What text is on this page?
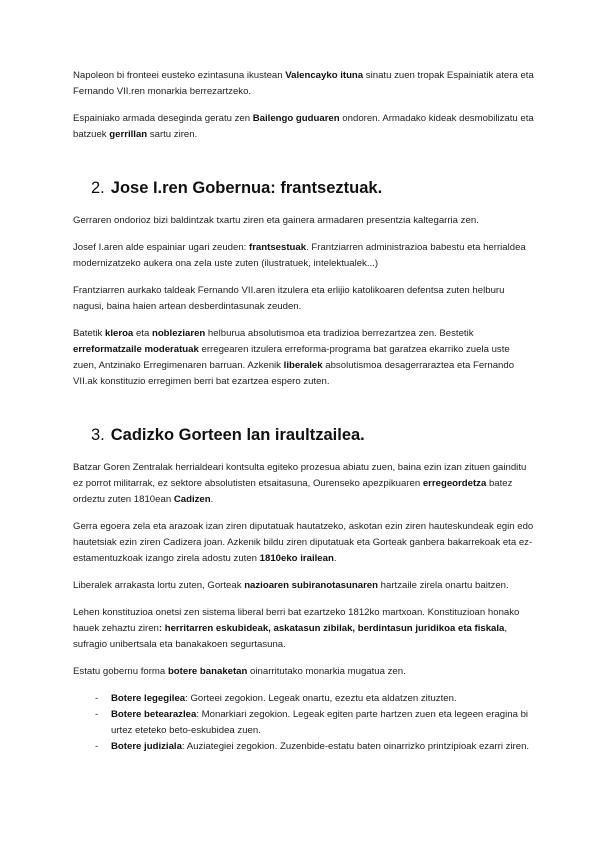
Napoleon bi fronteei eusteko ezintasuna ikustean Valencayko ituna sinatu zuen tropak Espainiatik atera eta Fernando VII.ren monarkia berrezartzeko.

Espainiako armada deseginda geratu zen Bailengo guduaren ondoren. Armadako kideak desmobilizatu eta batzuek gerrillan sartu ziren.

2. Jose I.ren Gobernua: frantseztuak.

Gerraren ondorioz bizi baldintzak txartu ziren eta gainera armadaren presentzia kaltegarria zen.

Josef I.aren alde espainiar ugari zeuden: frantsestuak. Frantziarren administrazioa babestu eta herrialdea modernizatzeko aukera ona zela uste zuten (ilustratuek, intelektualek...)

Frantziarren aurkako taldeak Fernando VII.aren itzulera eta erlijio katolikoaren defentsa zuten helburu nagusi, baina haien artean desberdintasunak zeuden.

Batetik kleroa eta nobleziaren helburua absolutismoa eta tradizioa berrezartzea zen. Bestetik erreformatzaile moderatuak erregearen itzulera erreforma-programa bat garatzea ekarriko zuela uste zuen, Antzinako Erregimenaren barruan. Azkenik liberalek absolutismoa desagerraraztea eta Fernando VII.ak konstituzio erregimen berri bat ezartzea espero zuten.

3. Cadizko Gorteen lan iraultzailea.

Batzar Goren Zentralak herrialdeari kontsulta egiteko prozesua abiatu zuen, baina ezin izan zituen gainditu ez porrot militarrak, ez sektore absolutisten etsaitasuna, Ourenseko apezpikuaren erregeordetza batez ordeztu zuten 1810ean Cadizen.

Gerra egoera zela eta arazoak izan ziren diputatuak hautatzeko, askotan ezin ziren hauteskundeak egin edo hautetsiak ezin ziren Cadizera joan. Azkenik bildu ziren diputatuak eta Gorteak ganbera bakarrekoak eta ez-estamentuzkoak izango zirela adostu zuten 1810eko irailean.

Liberalek arrakasta lortu zuten, Gorteak nazioaren subiranotasunaren hartzaile zirela onartu baitzen.

Lehen konstituzioa onetsi zen sistema liberal berri bat ezartzeko 1812ko martxoan. Konstituzioan honako hauek zehaztu ziren: herritarren eskubideak, askatasun zibilak, berdintasun juridikoa eta fiskala, sufragio unibertsala eta banakakoen segurtasuna.

Estatu gobernu forma botere banaketan oinarritutako monarkia mugatua zen.

- Botere legegilea: Gorteei zegokion. Legeak onartu, ezeztu eta aldatzen zituzten.
- Botere betearazlea: Monarkiari zegokion. Legeak egiten parte hartzen zuen eta legeen eragina bi urtez eteteko beto-eskubidea zuen.
- Botere judiziala: Auziategiei zegokion. Zuzenbide-estatu baten oinarrizko printzipioak ezarri ziren.
